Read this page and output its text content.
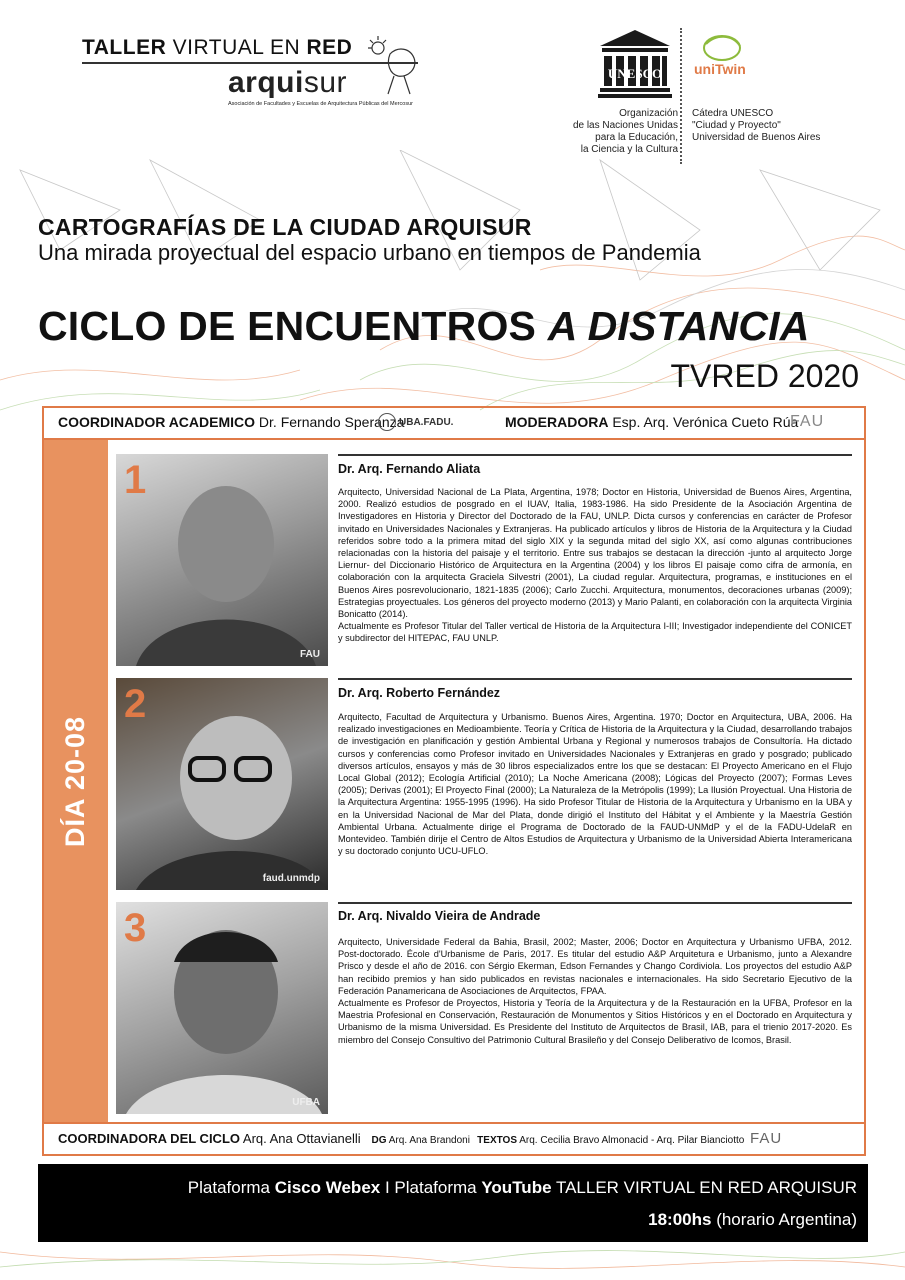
TALLER VIRTUAL EN RED
arquisur
Asociación de Facultades y Escuelas de Arquitectura Públicas del Mercosur
UNESCO
Organización
de las Naciones Unidas
para la Educación,
la Ciencia y la Cultura
uniTwin
Cátedra UNESCO
"Ciudad y Proyecto"
Universidad de Buenos Aires
CARTOGRAFÍAS DE LA CIUDAD ARQUISUR
Una mirada proyectual del espacio urbano en tiempos de Pandemia
CICLO DE ENCUENTROS A DISTANCIA
TVRED 2020
COORDINADOR ACADEMICO Dr. Fernando Speranza
UBA.FADU.	MODERADORA Esp. Arq. Verónica Cueto Rúa
FAU
DÍA 20-08
1
FAU
Dr. Arq. Fernando Aliata

Arquitecto, Universidad Nacional de La Plata, Argentina, 1978; Doctor en Historia, Universidad de Buenos Aires, Argentina, 2000. Realizó estudios de posgrado en el IUAV, Italia, 1983-1986. Ha sido Presidente de la Asociación Argentina de Investigadores en Historia y Director del Doctorado de la FAU, UNLP. Dicta cursos y conferencias en carácter de Profesor invitado en Universidades Nacionales y Extranjeras. Ha publicado artículos y libros de Historia de la Arquitectura y la Ciudad referidos sobre todo a la primera mitad del siglo XIX y la segunda mitad del siglo XX, así como algunas contribuciones relacionadas con la historia del paisaje y el territorio. Entre sus trabajos se destacan la dirección -junto al arquitecto Jorge Liernur- del Diccionario Histórico de Arquitectura en la Argentina (2004) y los libros El paisaje como cifra de armonía, en colaboración con la arquitecta Graciela Silvestri (2001), La ciudad regular. Arquitectura, programas, e instituciones en el Buenos Aires posrevolucionario, 1821-1835 (2006); Carlo Zucchi. Arquitectura, monumentos, decoraciones urbanas (2009); Estrategias proyectuales. Los géneros del proyecto moderno (2013) y Mario Palanti, en colaboración con la arquitecta Virginia Bonicatto (2014).

Actualmente es Profesor Titular del Taller vertical de Historia de la Arquitectura I-III; Investigador independiente del CONICET y subdirector del HITEPAC, FAU UNLP.

2
faud.unmdp
Dr. Arq. Roberto Fernández

Arquitecto, Facultad de Arquitectura y Urbanismo. Buenos Aires, Argentina. 1970; Doctor en Arquitectura, UBA, 2006. Ha realizado investigaciones en Medioambiente. Teoría y Crítica de Historia de la Arquitectura y la Ciudad, desarrollando trabajos de investigación en planificación y gestión Ambiental Urbana y Regional y numerosos trabajos de Consultoría. Ha dictado cursos y conferencias como Profesor invitado en Universidades Nacionales y Extranjeras en grado y posgrado; publicado diversos artículos, ensayos y más de 30 libros especializados entre los que se destacan: El Proyecto Americano en el Flujo Local Global (2012); Ecología Artificial (2010); La Noche Americana (2008); Lógicas del Proyecto (2007); Formas Leves (2005); Derivas (2001); El Proyecto Final (2000); La Naturaleza de la Metrópolis (1999); La Ilusión Proyectual. Una Historia de la Arquitectura Argentina: 1955-1995 (1996). Ha sido Profesor Titular de Historia de la Arquitectura y Urbanismo en la UBA y en la Universidad Nacional de Mar del Plata, donde dirigió el Instituto del Hábitat y el Ambiente y la Maestría Gestión Ambiental Urbana. Actualmente dirige el Programa de Doctorado de la FAUD-UNMdP y el de la FADU-UdelaR en Montevideo. También dirije el Centro de Altos Estudios de Arquitectura y Urbanismo de la Universidad Abierta Interamericana y su doctorado conjunto UCU-UFLO.

3
UFBA
Dr. Arq. Nivaldo Vieira de Andrade

Arquitecto, Universidade Federal da Bahia, Brasil, 2002; Master, 2006; Doctor en Arquitectura y Urbanismo UFBA, 2012. Post-doctorado. École d'Urbanisme de Paris, 2017. Es titular del estudio A&P Arquitetura e Urbanismo, junto a Alexandre Prisco y desde el año de 2016. con Sérgio Ekerman, Edson Fernandes y Chango Cordiviola. Los proyectos del estudio A&P han recibido premios y han sido publicados en revistas nacionales e internacionales. Ha sido Secretario Ejecutivo de la Federación Panamericana de Asociaciones de Arquitectos, FPAA.

Actualmente es Profesor de Proyectos, Historia y Teoría de la Arquitectura y de la Restauración en la UFBA, Profesor en la Maestria Profesional en Conservación, Restauración de Monumentos y Sitios Históricos y en el Doctorado en Arquitectura y Urbanismo de la misma Universidad. Es Presidente del Instituto de Arquitectos de Brasil, IAB, para el trienio 2017-2020. Es miembro del Consejo Consultivo del Patrimonio Cultural Brasileño y del Consejo Deliberativo de Icomos, Brasil.

COORDINADORA DEL CICLO Arq. Ana Ottavianelli DG Arq. Ana Brandoni TEXTOS Arq. Cecilia Bravo Almonacid - Arq. Pilar Bianciotto FAU
Plataforma Cisco Webex I Plataforma YouTube TALLER VIRTUAL EN RED ARQUISUR
18:00hs (horario Argentina)
